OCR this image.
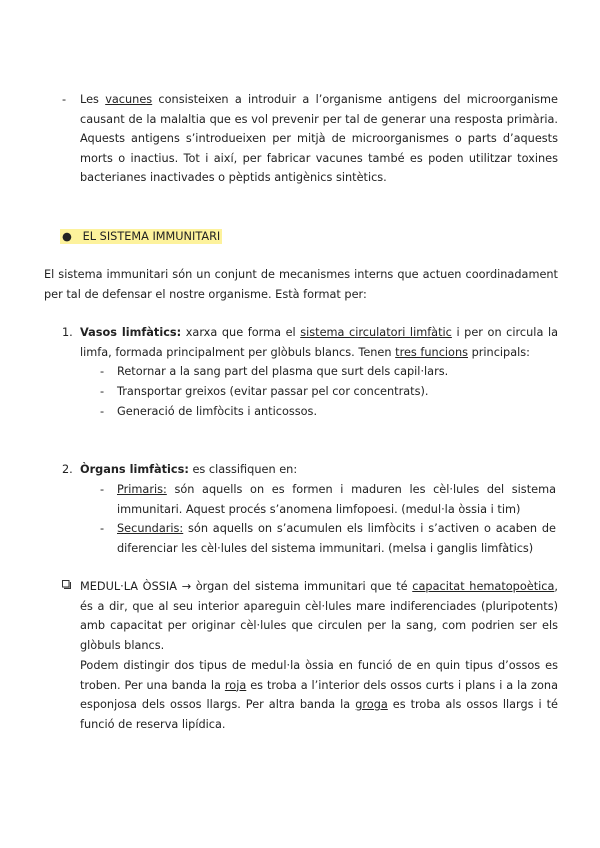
- Les vacunes consisteixen a introduir a l’organisme antigens del microorganisme causant de la malaltia que es vol prevenir per tal de generar una resposta primària. Aquests antigens s’introdueixen per mitjà de microorganismes o parts d’aquests morts o inactius. Tot i així, per fabricar vacunes també es poden utilitzar toxines bacterianes inactivades o pèptids antigènics sintètics.
● EL SISTEMA IMMUNITARI
El sistema immunitari són un conjunt de mecanismes interns que actuen coordinadament per tal de defensar el nostre organisme. Està format per:
1. Vasos limfàtics: xarxa que forma el sistema circulatori limfàtic i per on circula la limfa, formada principalment per glòbuls blancs. Tenen tres funcions principals:
- Retornar a la sang part del plasma que surt dels capil·lars.
- Transportar greixos (evitar passar pel cor concentrats).
- Generació de limfòcits i anticossos.
2. Òrgans limfàtics: es classifiquen en:
- Primaris: són aquells on es formen i maduren les cèl·lules del sistema immunitari. Aquest procés s’anomena limfopoesi. (medul·la òssia i tim)
- Secundaris: són aquells on s’acumulen els limfòcits i s’activen o acaben de diferenciar les cèl·lules del sistema immunitari. (melsa i ganglis limfàtics)
MEDUL·LA ÒSSIA → òrgan del sistema immunitari que té capacitat hematopoètica, és a dir, que al seu interior apareguin cèl·lules mare indiferenciades (pluripotents) amb capacitat per originar cèl·lules que circulen per la sang, com podrien ser els glòbuls blancs.
Podem distingir dos tipus de medul·la òssia en funció de en quin tipus d’ossos es troben. Per una banda la roja es troba a l’interior dels ossos curts i plans i a la zona esponjosa dels ossos llargs. Per altra banda la groga es troba als ossos llargs i té funció de reserva lipídica.
